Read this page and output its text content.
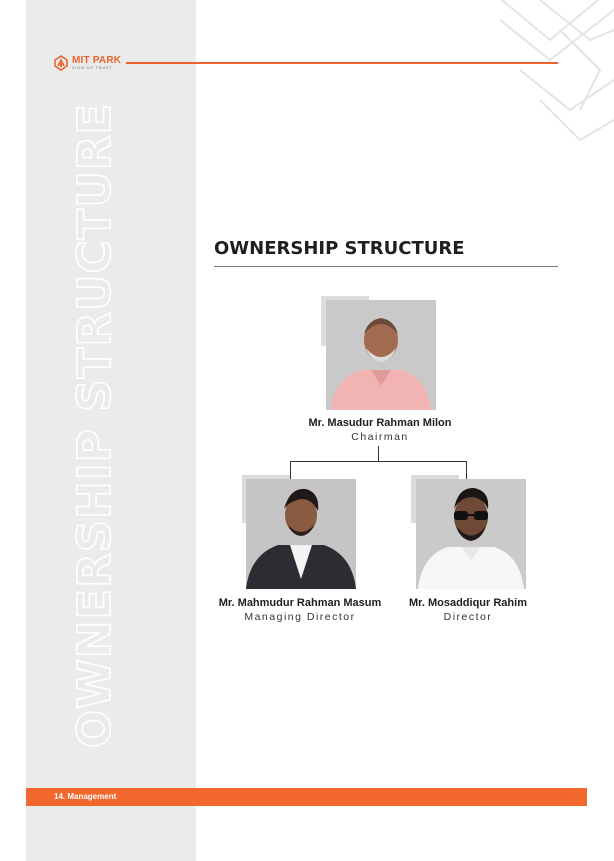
OWNERSHIP STRUCTURE
MIT PARK
SIGN OF TRUST
OWNERSHIP STRUCTURE
Mr. Masudur Rahman Milon
Chairman
Mr. Mahmudur Rahman Masum
Managing Director
Mr. Mosaddiqur Rahim
Director
14. Management
